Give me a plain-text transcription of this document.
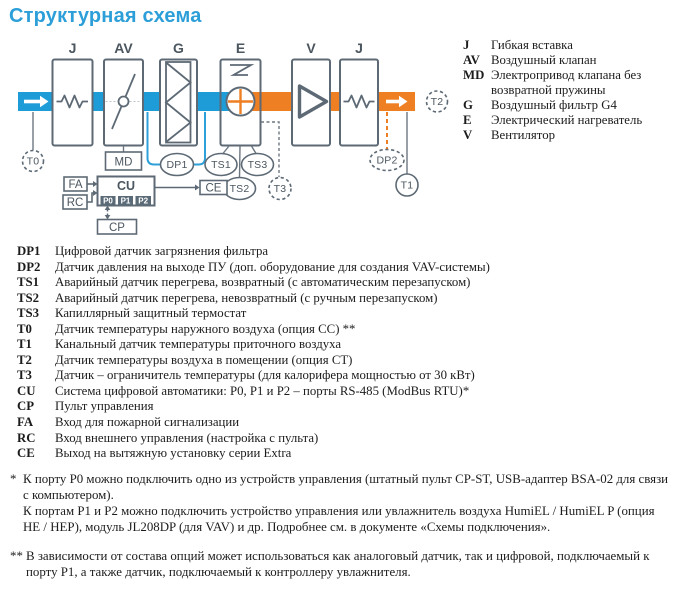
Структурная схема
J	AV	G	E	V	J
T0	MD	DP1 TS1 TS3
TS2 T3
DP2
T1
T2
FA
RC
CU
P0 P1 P2
CE
CP
J	Гибкая вставка
AV Воздушный клапан
MD Электропривод клапана без возвратной пружины
G	Воздушный фильтр G4
E	Электрический нагреватель
V	Вентилятор
DP1	Цифровой датчик загрязнения фильтра
DP2	Датчик давления на выходе ПУ (доп. оборудование для создания VAV-системы)
TS1	Аварийный датчик перегрева, возвратный (с автоматическим перезапуском)
TS2	Аварийный датчик перегрева, невозвратный (с ручным перезапуском)
TS3	Капиллярный защитный термостат
T0	Датчик температуры наружного воздуха (опция СС) **
T1	Канальный датчик температуры приточного воздуха
T2	Датчик температуры воздуха в помещении (опция СТ)
T3	Датчик – ограничитель температуры (для калорифера мощностью от 30 кВт)
CU	Система цифровой автоматики: P0, P1 и P2 – порты RS-485 (ModBus RTU)*
CP	Пульт управления
FA	Вход для пожарной сигнализации
RC	Вход внешнего управления (настройка с пульта)
CE	Выход на вытяжную установку серии Extra
* К порту P0 можно подключить одно из устройств управления (штатный пульт CP-ST, USB-адаптер BSA-02 для связи с компьютером).

К портам P1 и P2 можно подключить устройство управления или увлажнитель воздуха HumiEL / HumiEL P (опция НЕ / НЕР), модуль JL208DP (для VAV) и др. Подробнее см. в документе «Схемы подключения».

** В зависимости от состава опций может использоваться как аналоговый датчик, так и цифровой, подключаемый к порту P1, а также датчик, подключаемый к контроллеру увлажнителя.
